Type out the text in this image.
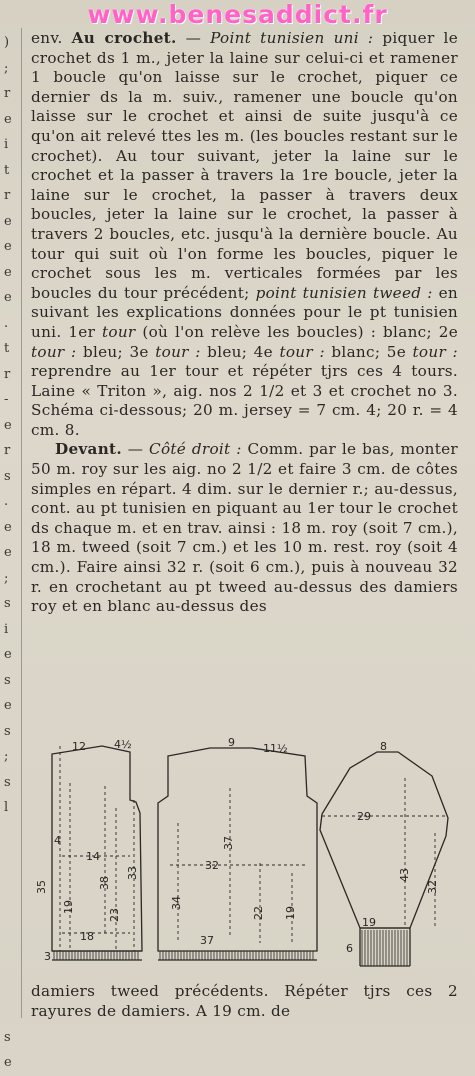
www.benesaddict.fr
)
;
r
e
i
t
r
e
e
e
e
.
t
r
-
e
r
s
.
e
e
;
s
i
e
s
e
s
;
s
l
s
e

env. Au crochet. — Point tunisien uni : piquer le crochet ds 1 m., jeter la laine sur celui-ci et ramener 1 boucle qu'on laisse sur le crochet, piquer ce dernier ds la m. suiv., ramener une boucle qu'on laisse sur le crochet et ainsi de suite jusqu'à ce qu'on ait relevé ttes les m. (les boucles restant sur le crochet). Au tour suivant, jeter la laine sur le crochet et la passer à travers la 1re boucle, jeter la laine sur le crochet, la passer à travers deux boucles, jeter la laine sur le crochet, la passer à travers 2 boucles, etc. jusqu'à la dernière boucle. Au tour qui suit où l'on forme les boucles, piquer le crochet sous les m. verticales formées par les boucles du tour précédent; point tunisien tweed : en suivant les explications données pour le pt tunisien uni. 1er tour (où l'on relève les boucles) : blanc; 2e tour : bleu; 3e tour : bleu; 4e tour : blanc; 5e tour : reprendre au 1er tour et répéter tjrs ces 4 tours. Laine « Triton », aig. nos 2 1/2 et 3 et crochet no 3. Schéma ci-dessous; 20 m. jersey = 7 cm. 4; 20 r. = 4 cm. 8.

Devant. — Côté droit : Comm. par le bas, monter 50 m. roy sur les aig. no 2 1/2 et faire 3 cm. de côtes simples en répart. 4 dim. sur le dernier r.; au-dessus, cont. au pt tunisien en piquant au 1er tour le crochet ds chaque m. et en trav. ainsi : 18 m. roy (soit 7 cm.), 18 m. tweed (soit 7 cm.) et les 10 m. rest. roy (soit 4 cm.). Faire ainsi 32 r. (soit 6 cm.), puis à nouveau 32 r. en crochetant au pt tweed au-dessus des damiers roy et en blanc au-dessus des

12	4½
14
35
4
19
38
33
23
18
3
9	11½
32
37
34
22 19
37
8
29
43
32
19
6
damiers tweed précédents. Répéter tjrs ces 2 rayures de damiers. A 19 cm. de
